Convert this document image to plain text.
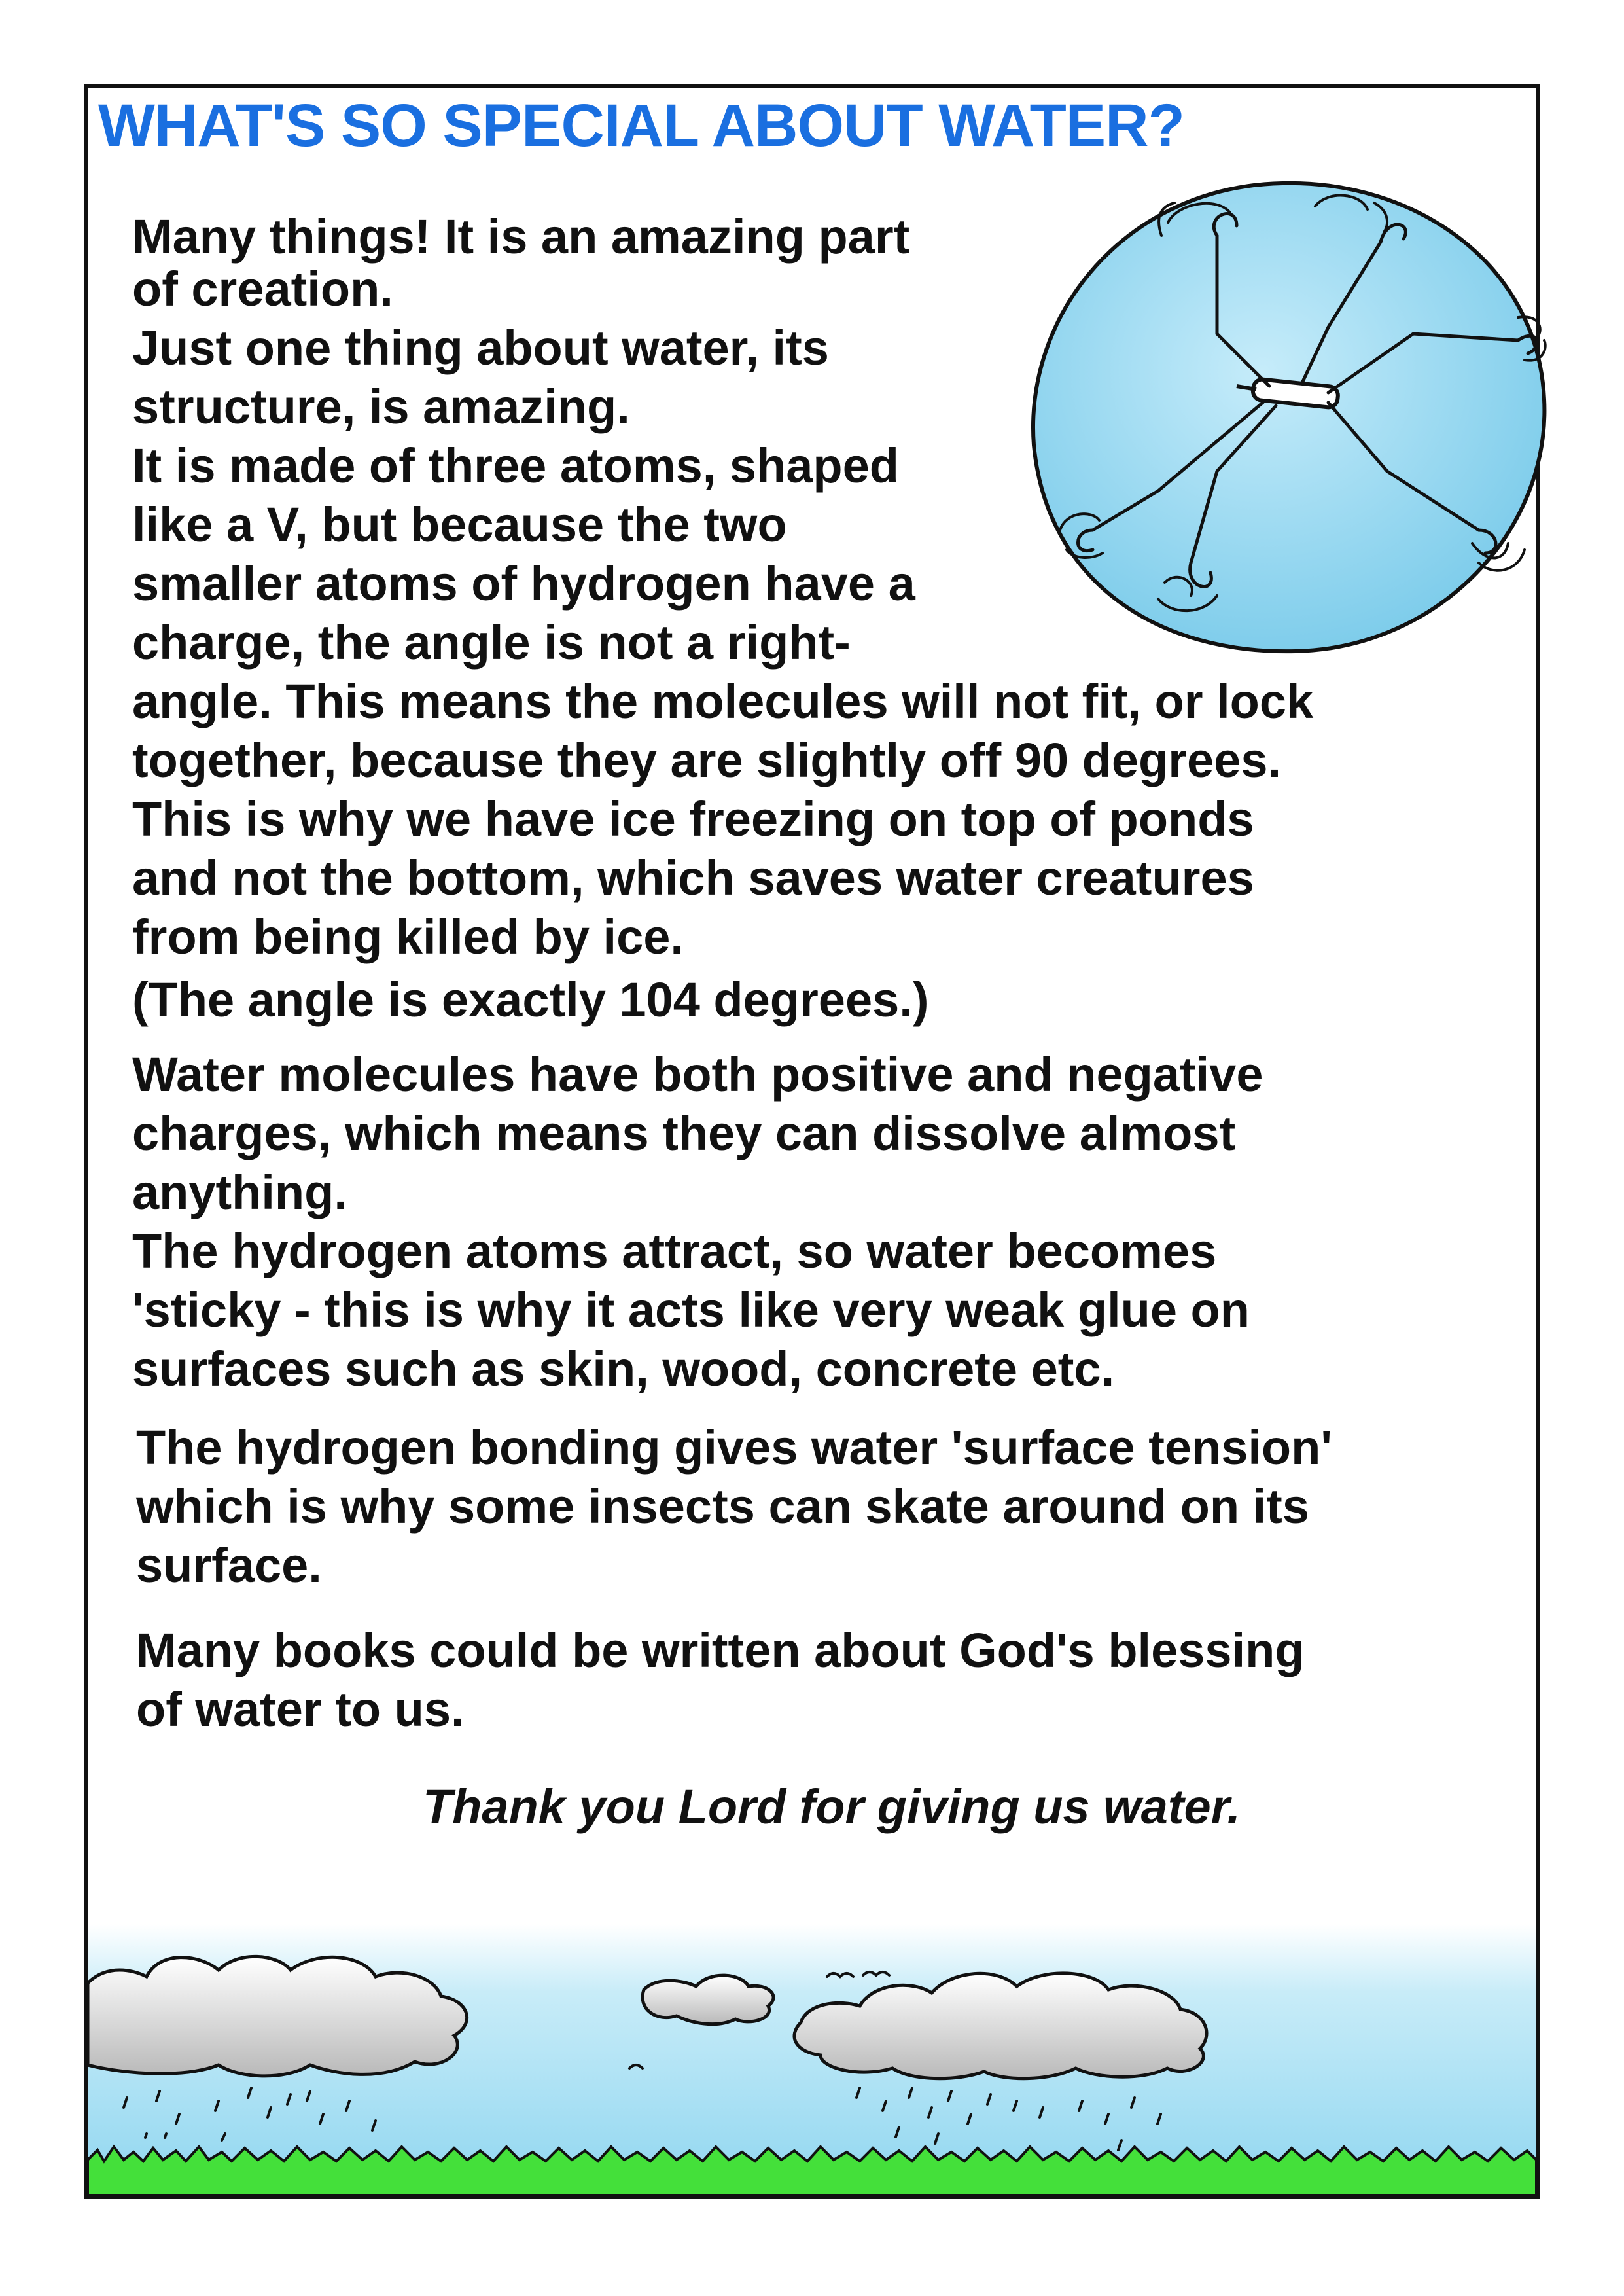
WHAT'S SO SPECIAL ABOUT WATER?

Many things! It is an amazing part

of creation.

Just one thing about water, its

structure, is amazing.

It is made of three atoms, shaped

like a V, but because the two

smaller atoms of hydrogen have a

charge, the angle is not a right-

angle. This means the molecules will not fit, or lock

together, because they are slightly off 90 degrees.

This is why we have ice freezing on top of ponds

and not the bottom, which saves water creatures

from being killed by ice.

(The angle is exactly 104 degrees.)

Water molecules have both positive and negative

charges, which means they can dissolve almost

anything.

The hydrogen atoms attract, so water becomes

'sticky - this is why it acts like very weak glue on

surfaces such as skin, wood, concrete etc.

The hydrogen bonding gives water 'surface tension'

which is why some insects can skate around on its

surface.

Many books could be written about God's blessing

of water to us.

Thank you Lord for giving us water.
